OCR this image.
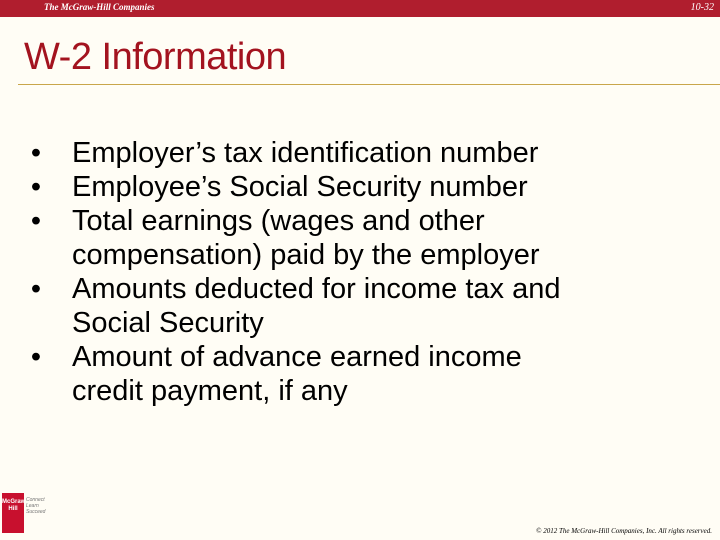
The McGraw-Hill Companies	10-32
W-2 Information
• Employer’s tax identification number
• Employee’s Social Security number
• Total earnings (wages and other
compensation) paid by the employer
• Amounts deducted for income tax and
Social Security
• Amount of advance earned income
credit payment, if any
McGraw Hill
Connect Learn Succeed
© 2012 The McGraw-Hill Companies, Inc. All rights reserved.
